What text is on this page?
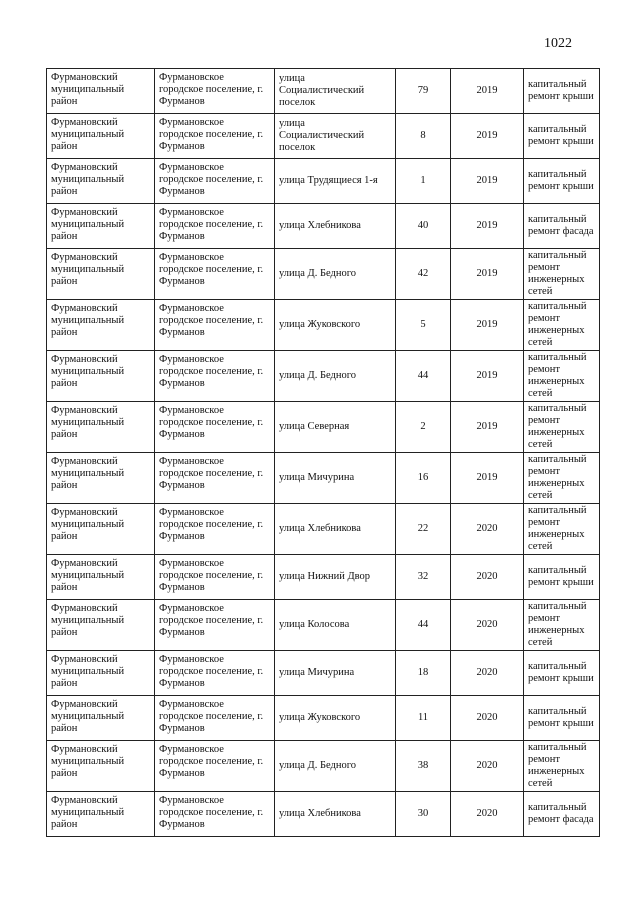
1022
Фурмановский муниципальный район	Фурмановское городское поселение, г. Фурманов	улица Социалистический поселок	79	2019	капитальный ремонт крыши
Фурмановский муниципальный район	Фурмановское городское поселение, г. Фурманов	улица Социалистический поселок	8	2019	капитальный ремонт крыши
Фурмановский муниципальный район	Фурмановское городское поселение, г. Фурманов	улица Трудящиеся 1-я	1	2019	капитальный ремонт крыши
Фурмановский муниципальный район	Фурмановское городское поселение, г. Фурманов	улица Хлебникова	40	2019	капитальный ремонт фасада
Фурмановский муниципальный район	Фурмановское городское поселение, г. Фурманов	улица Д. Бедного	42	2019	капитальный ремонт инженерных сетей
Фурмановский муниципальный район	Фурмановское городское поселение, г. Фурманов	улица Жуковского	5	2019	капитальный ремонт инженерных сетей
Фурмановский муниципальный район	Фурмановское городское поселение, г. Фурманов	улица Д. Бедного	44	2019	капитальный ремонт инженерных сетей
Фурмановский муниципальный район	Фурмановское городское поселение, г. Фурманов	улица Северная	2	2019	капитальный ремонт инженерных сетей
Фурмановский муниципальный район	Фурмановское городское поселение, г. Фурманов	улица Мичурина	16	2019	капитальный ремонт инженерных сетей
Фурмановский муниципальный район	Фурмановское городское поселение, г. Фурманов	улица Хлебникова	22	2020	капитальный ремонт инженерных сетей
Фурмановский муниципальный район	Фурмановское городское поселение, г. Фурманов	улица Нижний Двор	32	2020	капитальный ремонт крыши
Фурмановский муниципальный район	Фурмановское городское поселение, г. Фурманов	улица Колосова	44	2020	капитальный ремонт инженерных сетей
Фурмановский муниципальный район	Фурмановское городское поселение, г. Фурманов	улица Мичурина	18	2020	капитальный ремонт крыши
Фурмановский муниципальный район	Фурмановское городское поселение, г. Фурманов	улица Жуковского	11	2020	капитальный ремонт крыши
Фурмановский муниципальный район	Фурмановское городское поселение, г. Фурманов	улица Д. Бедного	38	2020	капитальный ремонт инженерных сетей
Фурмановский муниципальный район	Фурмановское городское поселение, г. Фурманов	улица Хлебникова	30	2020	капитальный ремонт фасада
